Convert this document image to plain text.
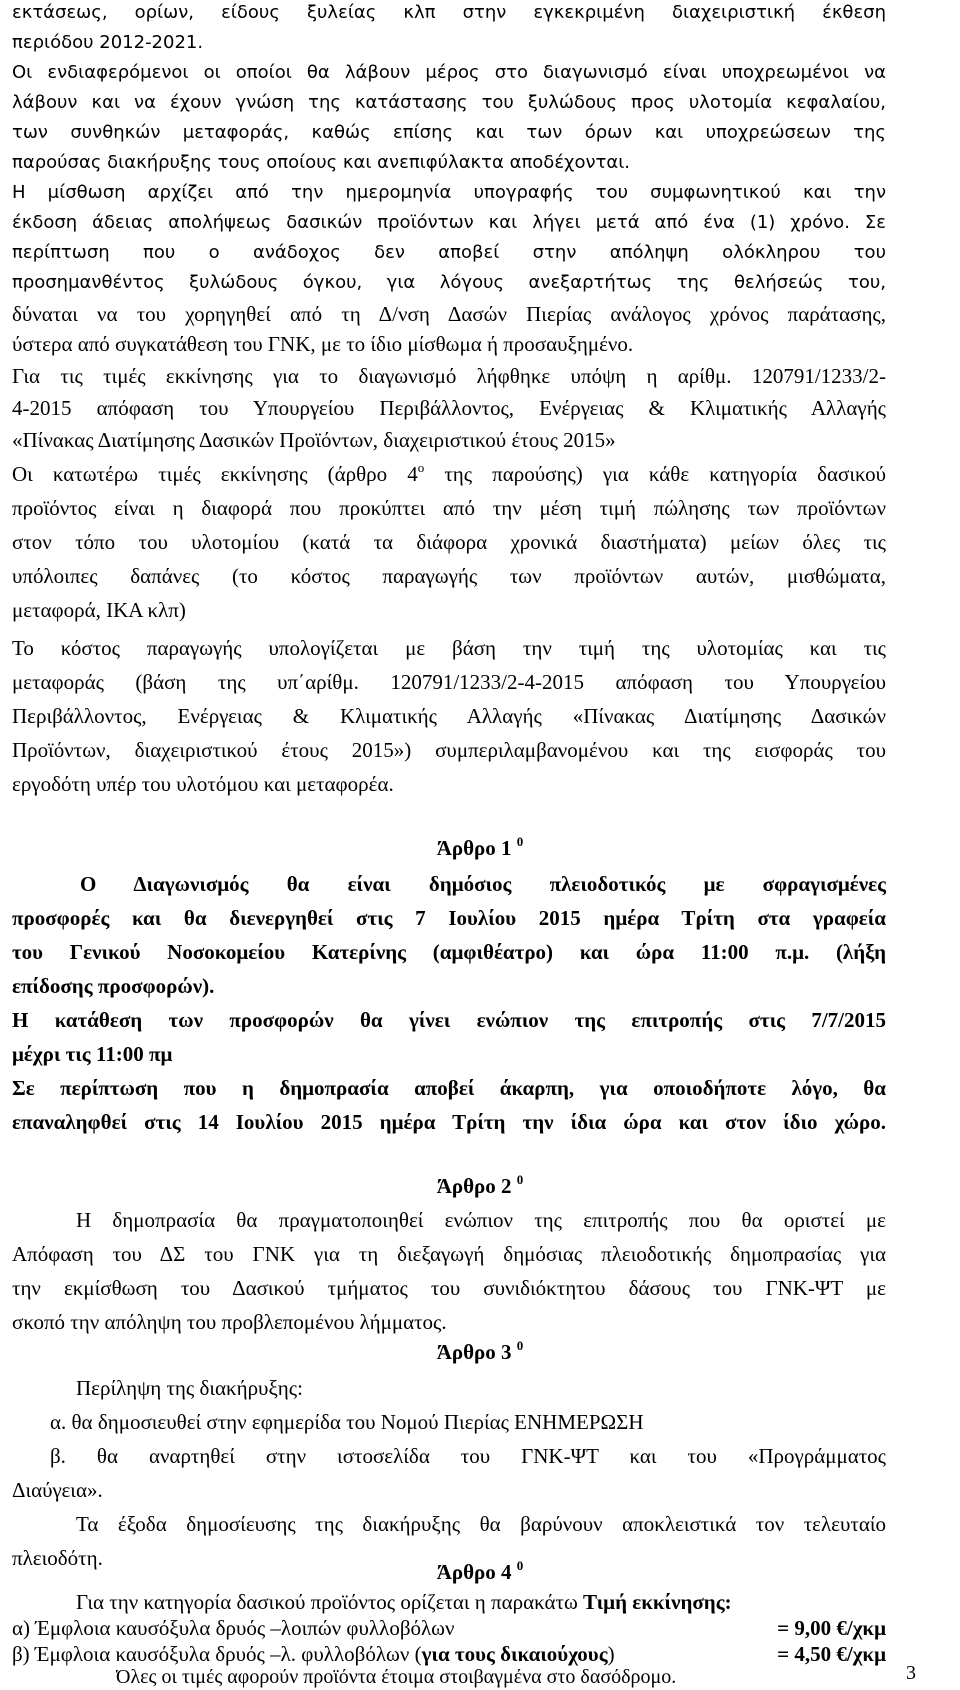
εκτάσεως, ορίων, είδους ξυλείας κλπ στην εγκεκριμένη διαχειριστική έκθεση
περιόδου 2012-2021.
Οι ενδιαφερόμενοι οι οποίοι θα λάβουν μέρος στο διαγωνισμό είναι υποχρεωμένοι να
λάβουν και να έχουν γνώση της κατάστασης του ξυλώδους προς υλοτομία κεφαλαίου,
των συνθηκών μεταφοράς, καθώς επίσης και των όρων και υποχρεώσεων της
παρούσας διακήρυξης τους οποίους και ανεπιφύλακτα αποδέχονται.
Η μίσθωση αρχίζει από την ημερομηνία υπογραφής του συμφωνητικού και την
έκδοση άδειας απολήψεως δασικών προϊόντων και λήγει μετά από ένα (1) χρόνο. Σε
περίπτωση που ο ανάδοχος δεν αποβεί στην απόληψη ολόκληρου του
προσημανθέντος ξυλώδους όγκου, για λόγους ανεξαρτήτως της θελήσεώς του,
δύναται να του χορηγηθεί από τη Δ/νση Δασών Πιερίας ανάλογος χρόνος παράτασης,
ύστερα από συγκατάθεση του ΓΝΚ, με το ίδιο μίσθωμα ή προσαυξημένο.
Για τις τιμές εκκίνησης για το διαγωνισμό λήφθηκε υπόψη η αρίθμ. 120791/1233/2-
4-2015 απόφαση του Υπουργείου Περιβάλλοντος, Ενέργειας & Κλιματικής Αλλαγής
«Πίνακας Διατίμησης Δασικών Προϊόντων, διαχειριστικού έτους 2015»
Οι κατωτέρω τιμές εκκίνησης (άρθρο $4^o$ της παρούσης) για κάθε κατηγορία δασικού
προϊόντος είναι η διαφορά που προκύπτει από την μέση τιμή πώλησης των προϊόντων
στον τόπο του υλοτομίου (κατά τα διάφορα χρονικά διαστήματα) μείων όλες τις
υπόλοιπες δαπάνες (το κόστος παραγωγής των προϊόντων αυτών, μισθώματα,
μεταφορά, ΙΚΑ κλπ)
Το κόστος παραγωγής υπολογίζεται με βάση την τιμή της υλοτομίας και τις
μεταφοράς (βάση της υπ΄αρίθμ. 120791/1233/2-4-2015 απόφαση του Υπουργείου
Περιβάλλοντος, Ενέργειας & Κλιματικής Αλλαγής «Πίνακας Διατίμησης Δασικών
Προϊόντων, διαχειριστικού έτους 2015») συμπεριλαμβανομένου και της εισφοράς του
εργοδότη υπέρ του υλοτόμου και μεταφορέα.
Άρθρο 1 $^0$
Ο Διαγωνισμός θα είναι δημόσιος πλειοδοτικός με σφραγισμένες
προσφορές και θα διενεργηθεί στις 7 Ιουλίου 2015 ημέρα Τρίτη στα γραφεία
του Γενικού Νοσοκομείου Κατερίνης (αμφιθέατρο) και ώρα 11:00 π.μ. (λήξη
επίδοσης προσφορών).
Η κατάθεση των προσφορών θα γίνει ενώπιον της επιτροπής στις 7/7/2015
μέχρι τις 11:00 πμ
Σε περίπτωση που η δημοπρασία αποβεί άκαρπη, για οποιοδήποτε λόγο, θα
επαναληφθεί στις 14 Ιουλίου 2015 ημέρα Τρίτη την ίδια ώρα και στον ίδιο χώρο.
Άρθρο 2 $^0$
Η δημοπρασία θα πραγματοποιηθεί ενώπιον της επιτροπής που θα οριστεί με
Απόφαση του ΔΣ του ΓΝΚ για τη διεξαγωγή δημόσιας πλειοδοτικής δημοπρασίας για
την εκμίσθωση του Δασικού τμήματος του συνιδιόκτητου δάσους του ΓΝΚ-ΨΤ με
σκοπό την απόληψη του προβλεπομένου λήμματος.
Άρθρο 3 $^0$
Περίληψη της διακήρυξης:
α. θα δημοσιευθεί στην εφημερίδα του Νομού Πιερίας ΕΝΗΜΕΡΩΣΗ
β. θα αναρτηθεί στην ιστοσελίδα του ΓΝΚ-ΨΤ και του «Προγράμματος
Διαύγεια».
Τα έξοδα δημοσίευσης της διακήρυξης θα βαρύνουν αποκλειστικά τον τελευταίο
πλειοδότη.
Άρθρο 4 $^0$
Για την κατηγορία δασικού προϊόντος ορίζεται η παρακάτω Τιμή εκκίνησης:
α) Έμφλοια καυσόξυλα δρυός –λοιπών φυλλοβόλων	= 9,00 €/χκμ
3
β) Έμφλοια καυσόξυλα δρυός –λ. φυλλοβόλων (για τους δικαιούχους)	= 4,50 €/χκμ
Όλες οι τιμές αφορούν προϊόντα έτοιμα στοιβαγμένα στο δασόδρομο.
